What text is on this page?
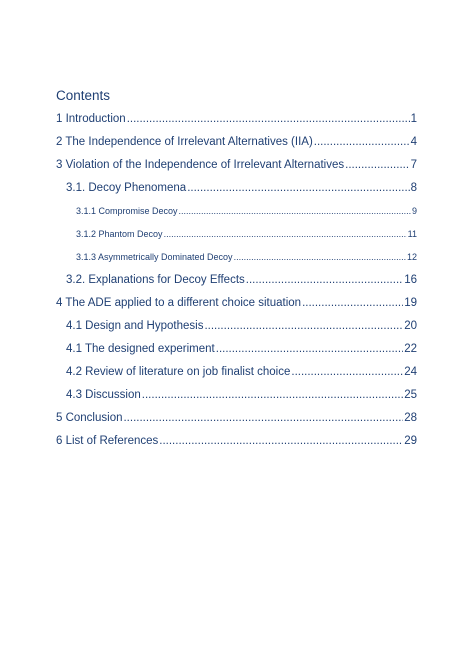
Contents
1 Introduction .....	1
2 The Independence of Irrelevant Alternatives (IIA) .....	4
3 Violation of the Independence of Irrelevant Alternatives .....	7
3.1. Decoy Phenomena .....	8
3.1.1 Compromise Decoy .....	9
3.1.2 Phantom Decoy .....	11
3.1.3 Asymmetrically Dominated Decoy .....	12
3.2. Explanations for Decoy Effects .....	16
4 The ADE applied to a different choice situation .....	19
4.1 Design and Hypothesis .....	20
4.1 The designed experiment .....	22
4.2 Review of literature on job finalist choice .....	24
4.3 Discussion .....	25
5 Conclusion .....	28
6 List of References .....	29
